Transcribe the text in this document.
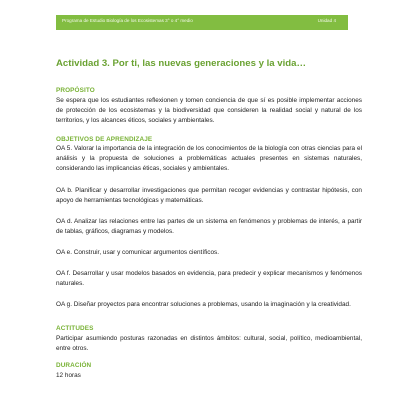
Programa de Estudio Biología de los Ecosistemas 3° o 4° medio	Unidad 4
Actividad 3. Por ti, las nuevas generaciones y la vida…
PROPÓSITO

Se espera que los estudiantes reflexionen y tomen conciencia de que sí es posible implementar acciones de protección de los ecosistemas y la biodiversidad que consideren la realidad social y natural de los territorios, y los alcances éticos, sociales y ambientales.

OBJETIVOS DE APRENDIZAJE

OA 5. Valorar la importancia de la integración de los conocimientos de la biología con otras ciencias para el análisis y la propuesta de soluciones a problemáticas actuales presentes en sistemas naturales, considerando las implicancias éticas, sociales y ambientales.

OA b. Planificar y desarrollar investigaciones que permitan recoger evidencias y contrastar hipótesis, con apoyo de herramientas tecnológicas y matemáticas.

OA d. Analizar las relaciones entre las partes de un sistema en fenómenos y problemas de interés, a partir de tablas, gráficos, diagramas y modelos.

OA e. Construir, usar y comunicar argumentos científicos.

OA f. Desarrollar y usar modelos basados en evidencia, para predecir y explicar mecanismos y fenómenos naturales.

OA g. Diseñar proyectos para encontrar soluciones a problemas, usando la imaginación y la creatividad.

ACTITUDES

Participar asumiendo posturas razonadas en distintos ámbitos: cultural, social, político, medioambiental, entre otros.

DURACIÓN

12 horas
